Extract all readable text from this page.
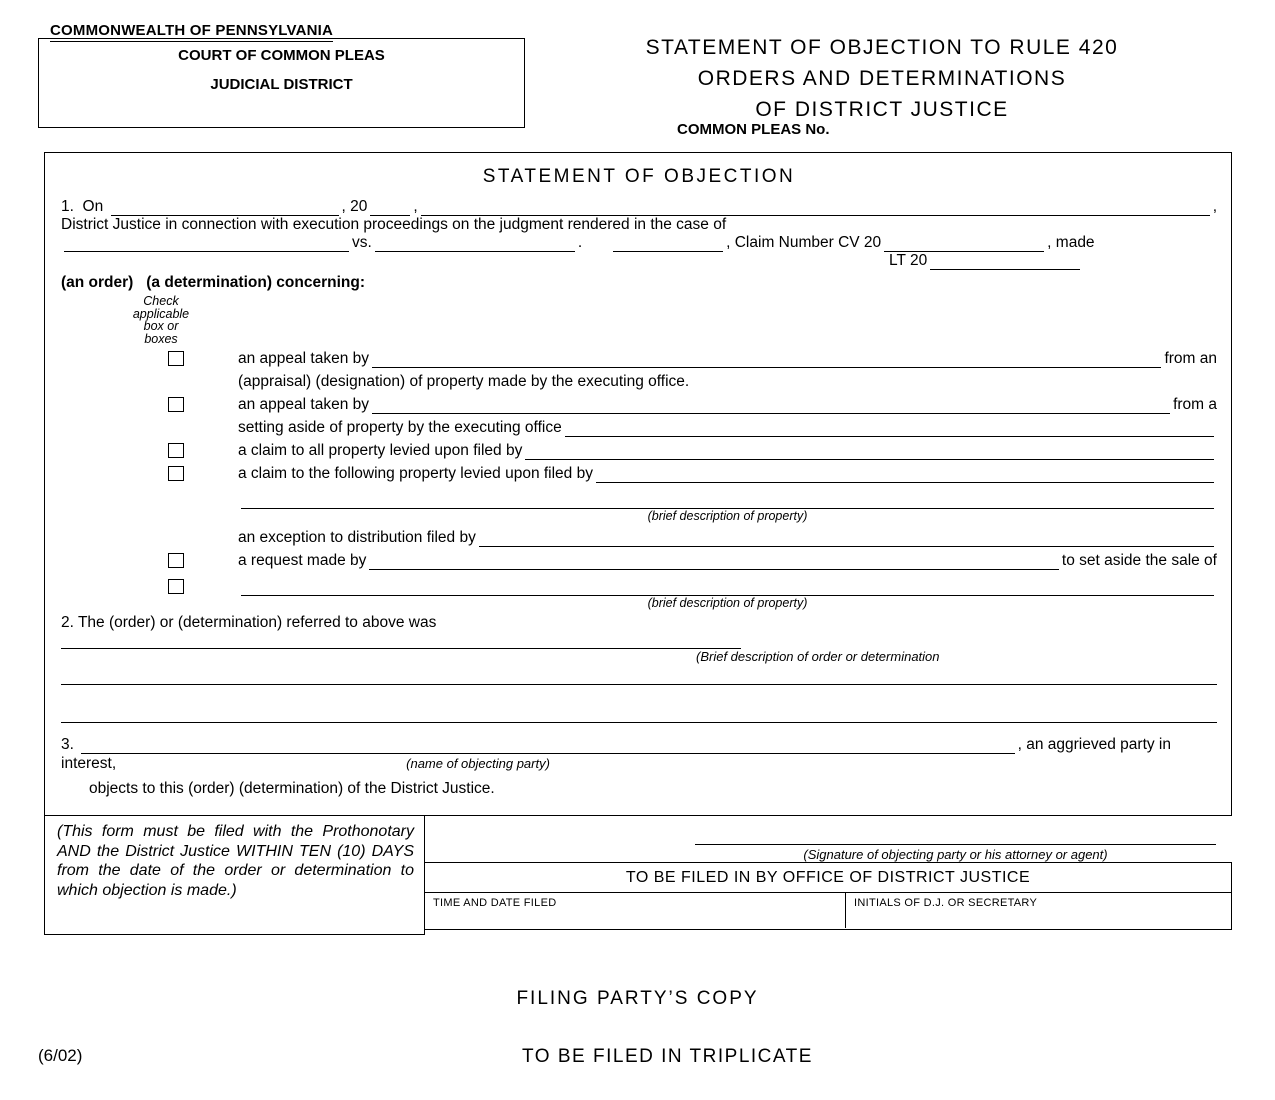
COMMONWEALTH OF PENNSYLVANIA
COURT OF COMMON PLEAS
JUDICIAL DISTRICT
STATEMENT OF OBJECTION TO RULE 420
ORDERS AND DETERMINATIONS
OF DISTRICT JUSTICE
COMMON PLEAS No.
STATEMENT OF OBJECTION
1.  On	, 20	,	,
District Justice in connection with execution proceedings on the judgment rendered in the case of
vs.	.	, Claim Number CV 20	, made
LT 20
(an order)   (a determination) concerning:
Check
applicable
box or
boxes
an appeal taken by	from an
(appraisal) (designation) of property made by the executing office.
an appeal taken by	from a
setting aside of property by the executing office
a claim to all property levied upon filed by
a claim to the following property levied upon filed by
(brief description of property)
an exception to distribution filed by
a request made by	to set aside the sale of
(brief description of property)
2. The (order) or (determination) referred to above was
(Brief description of order or determination
3.	, an aggrieved party in
interest,	(name of objecting party)
objects to this (order) (determination) of the District Justice.
(This form must be filed with the Prothonotary AND the District Justice WITHIN TEN (10) DAYS from the date of the order or determination to which objection is made.)
(Signature of objecting party or his attorney or agent)
TO BE FILED IN BY OFFICE OF DISTRICT JUSTICE
TIME AND DATE FILED	INITIALS OF D.J. OR SECRETARY
FILING PARTY’S COPY
(6/02)	TO BE FILED IN TRIPLICATE
